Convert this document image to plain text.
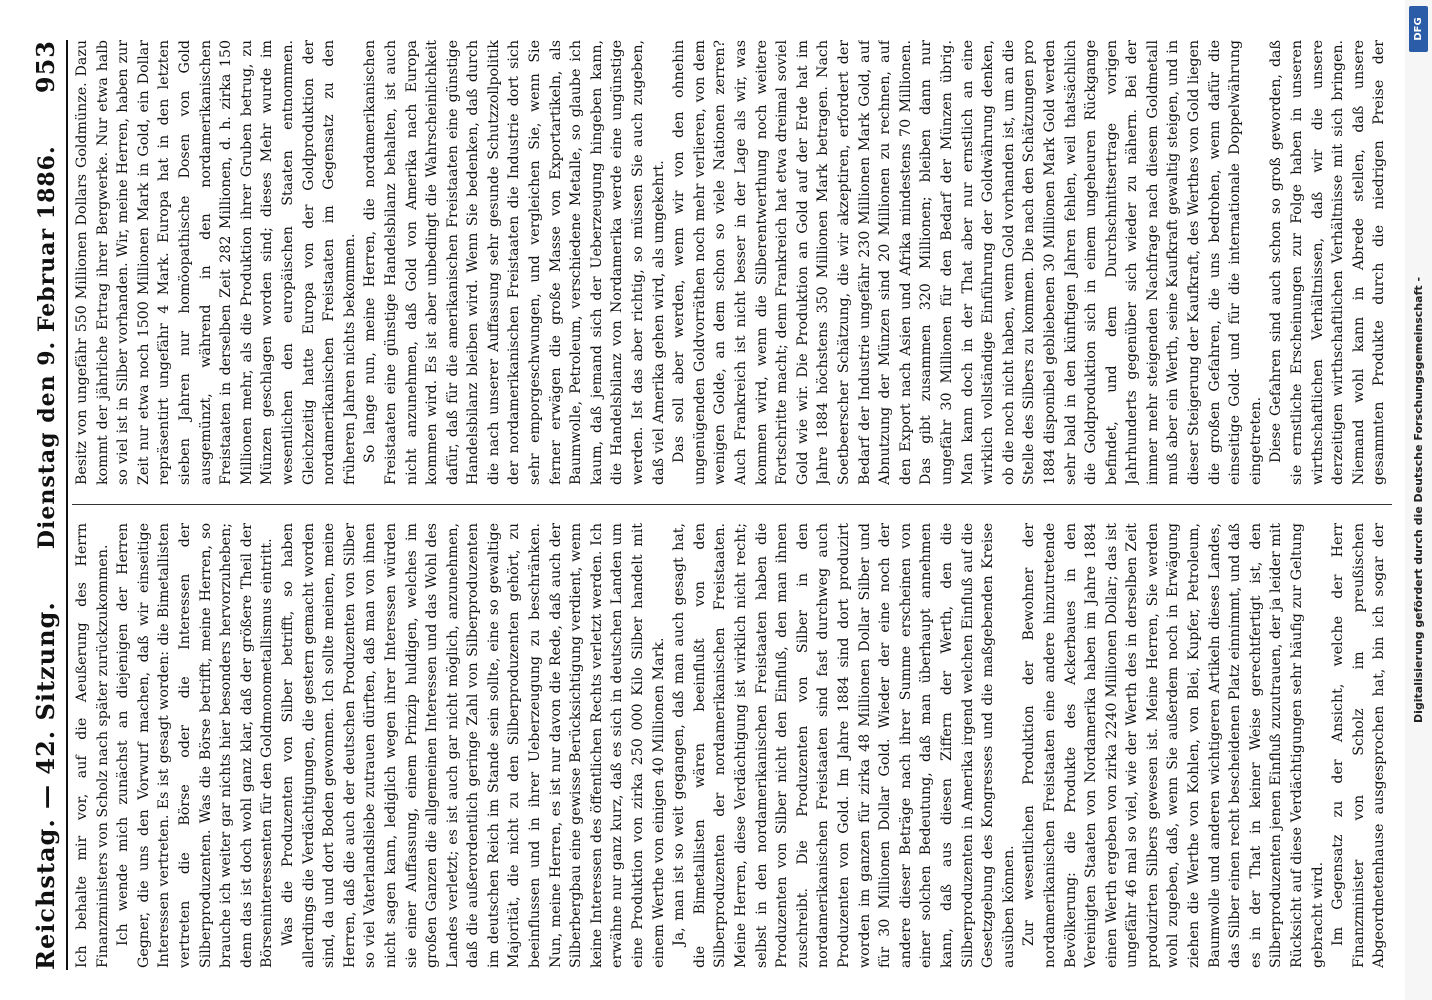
Reichstag. — 42. Sitzung.
Dienstag den 9. Februar 1886.
953

Ich behalte mir vor, auf die Aeußerung des Herrn Finanzministers von Scholz nach später zurückzukommen. Ich wende mich zunächst an diejenigen der Herren Gegner, die uns den Vorwurf machen, daß wir einseitige Interessen vertreten. Es ist gesagt worden: die Bimetallisten vertreten die Börse oder die Interessen der Silberproduzenten. Was die Börse betrifft, meine Herren, so brauche ich weiter gar nichts hier besonders hervorzuheben; denn das ist doch wohl ganz klar, daß der größere Theil der Börseninteressenten für den Goldmonometallismus eintritt. Was die Produzenten von Silber betrifft, so haben allerdings die Verdächtigungen, die gestern gemacht worden sind, da und dort Boden gewonnen. Ich sollte meinen, meine Herren, daß die auch der deutschen Produzenten von Silber so viel Vaterlandsliebe zutrauen dürften, daß man von ihnen nicht sagen kann, lediglich wegen ihrer Interessen würden sie einer Auffassung, einem Prinzip huldigen, welches im großen Ganzen die allgemeinen Interessen und das Wohl des Landes verletzt; es ist auch gar nicht möglich, anzunehmen, daß die außerordentlich geringe Zahl von Silberproduzenten im deutschen Reich im Stande sein sollte, eine so gewaltige Majorität, die nicht zu den Silberproduzenten gehört, zu beeinflussen und in ihrer Ueberzeugung zu beschränken. Nun, meine Herren, es ist nur davon die Rede, daß auch der Silberbergbau eine gewisse Berücksichtigung verdient, wenn keine Interessen des öffentlichen Rechts verletzt werden. Ich erwähne nur ganz kurz, daß es sich in deutschen Landen um eine Produktion von zirka 250 000 Kilo Silber handelt mit einem Werthe von einigen 40 Millionen Mark. Ja, man ist so weit gegangen, daß man auch gesagt hat, die Bimetallisten wären beeinflußt von den Silberproduzenten der nordamerikanischen Freistaaten. Meine Herren, diese Verdächtigung ist wirklich nicht recht; selbst in den nordamerikanischen Freistaaten haben die Produzenten von Silber nicht den Einfluß, den man ihnen zuschreibt. Die Produzenten von Silber in den nordamerikanischen Freistaaten sind fast durchweg auch Produzenten von Gold. Im Jahre 1884 sind dort produzirt worden im ganzen für zirka 48 Millionen Dollar Silber und für 30 Millionen Dollar Gold. Wieder der eine noch der andere dieser Beträge nach ihrer Summe erscheinen von einer solchen Bedeutung, daß man überhaupt annehmen kann, daß aus diesen Ziffern der Werth, den die Silberproduzenten in Amerika irgend welchen Einfluß auf die Gesetzgebung des Kongresses und die maßgebenden Kreise ausüben können. Zur wesentlichen Produktion der Bewohner der nordamerikanischen Freistaaten eine andere hinzutretende Bevölkerung: die Produkte des Ackerbaues in den Vereinigten Staaten von Nordamerika haben im Jahre 1884 einen Werth ergeben von zirka 2240 Millionen Dollar; das ist ungefähr 46 mal so viel, wie der Werth des in derselben Zeit produzirten Silbers gewesen ist. Meine Herren, Sie werden wohl zugeben, daß, wenn Sie außerdem noch in Erwägung ziehen die Werthe von Kohlen, von Blei, Kupfer, Petroleum, Baumwolle und anderen wichtigeren Artikeln dieses Landes, das Silber einen recht bescheidenen Platz einnimmt, und daß es in der That in keiner Weise gerechtfertigt ist, den Silberproduzenten jenen Einfluß zuzutrauen, der ja leider mit Rücksicht auf diese Verdächtigungen sehr häufig zur Geltung gebracht wird. Im Gegensatz zu der Ansicht, welche der Herr Finanzminister von Scholz im preußischen Abgeordnetenhause ausgesprochen hat, bin ich sogar der

Besitz von ungefähr 550 Millionen Dollars Goldmünze. Dazu kommt der jährliche Ertrag ihrer Bergwerke. Nur etwa halb so viel ist in Silber vorhanden. Wir, meine Herren, haben zur Zeit nur etwa noch 1500 Millionen Mark in Gold, ein Dollar repräsentirt ungefähr 4 Mark. Europa hat in den letzten sieben Jahren nur homöopathische Dosen von Gold ausgemünzt, während in den nordamerikanischen Freistaaten in derselben Zeit 282 Millionen, d. h. zirka 150 Millionen mehr, als die Produktion ihrer Gruben betrug, zu Münzen geschlagen worden sind; dieses Mehr wurde im wesentlichen den europäischen Staaten entnommen. Gleichzeitig hatte Europa von der Goldproduktion der nordamerikanischen Freistaaten im Gegensatz zu den früheren Jahren nichts bekommen. So lange nun, meine Herren, die nordamerikanischen Freistaaten eine günstige Handelsbilanz behalten, ist auch nicht anzunehmen, daß Gold von Amerika nach Europa kommen wird. Es ist aber unbedingt die Wahrscheinlichkeit dafür, daß für die amerikanischen Freistaaten eine günstige Handelsbilanz bleiben wird. Wenn Sie bedenken, daß durch die nach unserer Auffassung sehr gesunde Schutzzollpolitik der nordamerikanischen Freistaaten die Industrie dort sich sehr emporgeschwungen, und vergleichen Sie, wenn Sie ferner erwägen die große Masse von Exportartikeln, als Baumwolle, Petroleum, verschiedene Metalle, so glaube ich kaum, daß jemand sich der Ueberzeugung hingeben kann, die Handelsbilanz von Nordamerika werde eine ungünstige werden. Ist das aber richtig, so müssen Sie auch zugeben, daß viel Amerika gehen wird, als umgekehrt. Das soll aber werden, wenn wir von den ohnehin ungenügenden Goldvorräthen noch mehr verlieren, von dem wenigen Golde, an dem schon so viele Nationen zerren? Auch Frankreich ist nicht besser in der Lage als wir, was kommen wird, wenn die Silberentwerthung noch weitere Fortschritte macht; denn Frankreich hat etwa dreimal soviel Gold wie wir. Die Produktion an Gold auf der Erde hat im Jahre 1884 höchstens 350 Millionen Mark betragen. Nach Soetbeerscher Schätzung, die wir akzeptiren, erfordert der Bedarf der Industrie ungefähr 230 Millionen Mark Gold, auf Abnutzung der Münzen sind 20 Millionen zu rechnen, auf den Export nach Asien und Afrika mindestens 70 Millionen. Das gibt zusammen 320 Millionen; bleiben dann nur ungefähr 30 Millionen für den Bedarf der Münzen übrig. Man kann doch in der That aber nur ernstlich an eine wirklich vollständige Einführung der Goldwährung denken, ob die noch nicht haben, wenn Gold vorhanden ist, um an die Stelle des Silbers zu kommen. Die nach den Schätzungen pro 1884 disponibel gebliebenen 30 Millionen Mark Gold werden sehr bald in den künftigen Jahren fehlen, weil thatsächlich die Goldproduktion sich in einem ungeheuren Rückgange befindet, und dem Durchschnittsertrage vorigen Jahrhunderts gegenüber sich wieder zu nähern. Bei der immer mehr steigenden Nachfrage nach diesem Goldmetall muß aber ein Werth, seine Kaufkraft gewaltig steigen, und in dieser Steigerung der Kaufkraft, des Werthes von Gold liegen die großen Gefahren, die uns bedrohen, wenn dafür die einseitige Gold- und für die internationale Doppelwährung eingetreten. Diese Gefahren sind auch schon so groß geworden, daß sie ernstliche Erscheinungen zur Folge haben in unseren wirthschaftlichen Verhältnissen, daß wir die unsere derzeitigen wirthschaftlichen Verhältnisse mit sich bringen. Niemand wohl kann in Abrede stellen, daß unsere gesammten Produkte durch die niedrigen Preise der

Digitalisierung gefördert durch die Deutsche Forschungsgemeinschaft -
DFG
